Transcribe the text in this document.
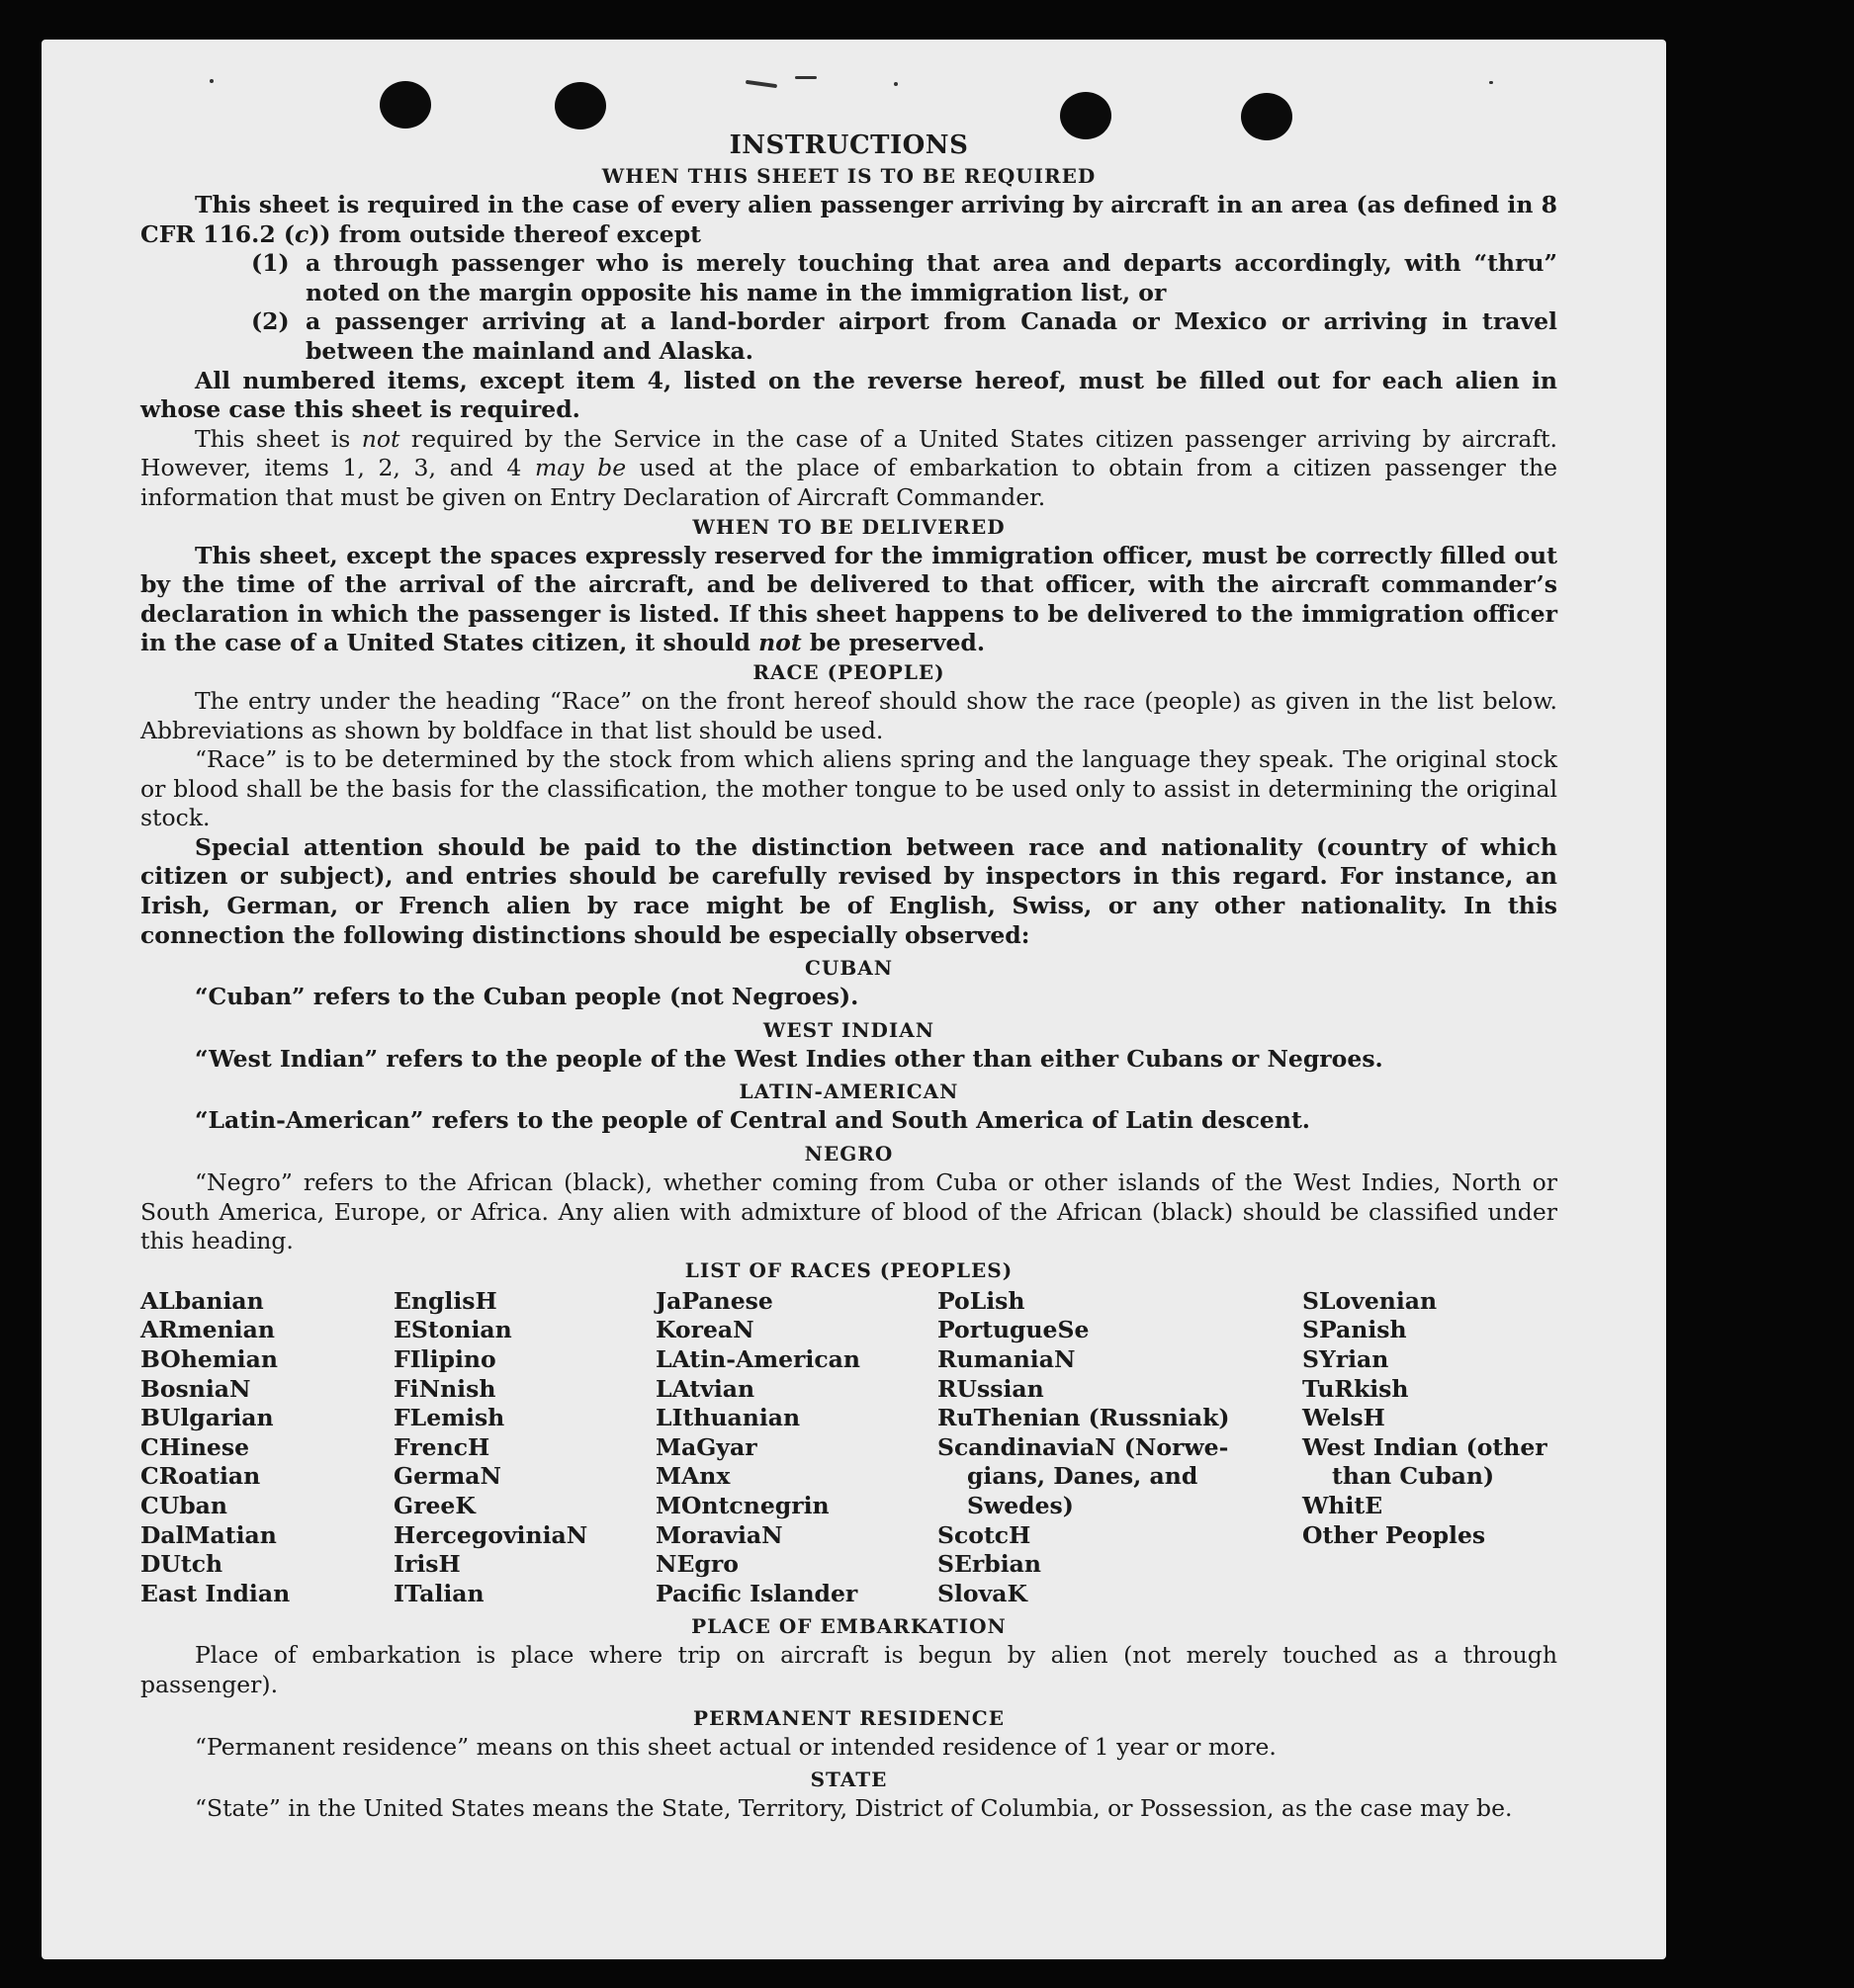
INSTRUCTIONS
WHEN THIS SHEET IS TO BE REQUIRED

This sheet is required in the case of every alien passenger arriving by aircraft in an area (as defined in 8 CFR 116.2 (c)) from outside thereof except

(1) a through passenger who is merely touching that area and departs accordingly, with “thru” noted on the margin opposite his name in the immigration list, or
(2) a passenger arriving at a land-border airport from Canada or Mexico or arriving in travel between the mainland and Alaska.

All numbered items, except item 4, listed on the reverse hereof, must be filled out for each alien in whose case this sheet is required.

This sheet is not required by the Service in the case of a United States citizen passenger arriving by aircraft. However, items 1, 2, 3, and 4 may be used at the place of embarkation to obtain from a citizen passenger the information that must be given on Entry Declaration of Aircraft Commander.

WHEN TO BE DELIVERED

This sheet, except the spaces expressly reserved for the immigration officer, must be correctly filled out by the time of the arrival of the aircraft, and be delivered to that officer, with the aircraft commander’s declaration in which the passenger is listed. If this sheet happens to be delivered to the immigration officer in the case of a United States citizen, it should not be preserved.

RACE (PEOPLE)

The entry under the heading “Race” on the front hereof should show the race (people) as given in the list below. Abbreviations as shown by boldface in that list should be used.

“Race” is to be determined by the stock from which aliens spring and the language they speak. The original stock or blood shall be the basis for the classification, the mother tongue to be used only to assist in determining the original stock.

Special attention should be paid to the distinction between race and nationality (country of which citizen or subject), and entries should be carefully revised by inspectors in this regard. For instance, an Irish, German, or French alien by race might be of English, Swiss, or any other nationality. In this connection the following distinctions should be especially observed:

CUBAN

“Cuban” refers to the Cuban people (not Negroes).

WEST INDIAN

“West Indian” refers to the people of the West Indies other than either Cubans or Negroes.

LATIN-AMERICAN

“Latin-American” refers to the people of Central and South America of Latin descent.

NEGRO

“Negro” refers to the African (black), whether coming from Cuba or other islands of the West Indies, North or South America, Europe, or Africa. Any alien with admixture of blood of the African (black) should be classified under this heading.

LIST OF RACES (PEOPLES)
ALbanian
ARmenian
BOhemian
BosniaN
BUlgarian
CHinese
CRoatian
CUban
DalMatian
DUtch
East Indian
EnglisH
EStonian
FIlipino
FiNnish
FLemish
FrencH
GermaN
GreeK
HercegoviniaN
IrisH
ITalian
JaPanese
KoreaN
LAtin-American
LAtvian
LIthuanian
MaGyar
MAnx
MOntcnegrin
MoraviaN
NEgro
Pacific Islander
PoLish
PortugueSe
RumaniaN
RUssian
RuThenian (Russniak)
ScandinaviaN (Norwe-
gians, Danes, and
Swedes)
ScotcH
SErbian
SlovaK
SLovenian
SPanish
SYrian
TuRkish
WelsH
West Indian (other
than Cuban)
WhitE
Other Peoples
PLACE OF EMBARKATION

Place of embarkation is place where trip on aircraft is begun by alien (not merely touched as a through passenger).

PERMANENT RESIDENCE

“Permanent residence” means on this sheet actual or intended residence of 1 year or more.

STATE

“State” in the United States means the State, Territory, District of Columbia, or Possession, as the case may be.
